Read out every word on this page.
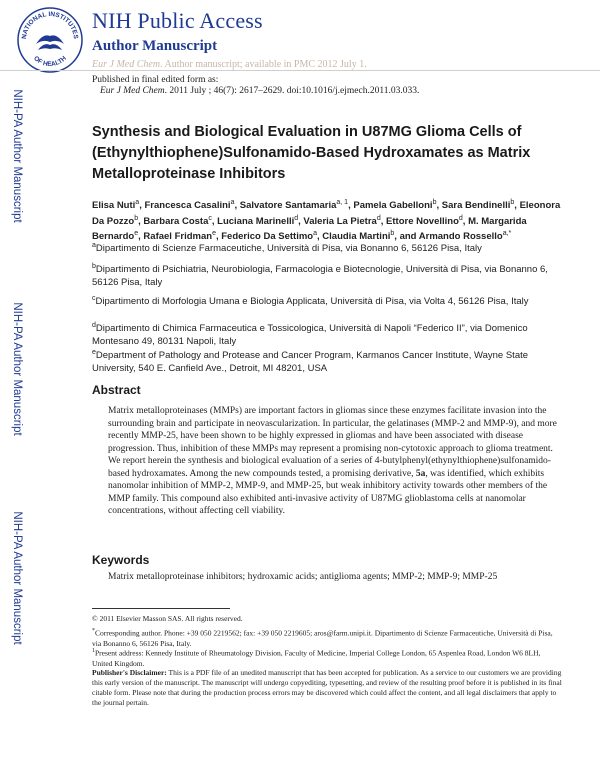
NATIONAL INSTITUTES
OF HEALTH
NIH Public Access
Author Manuscript
Eur J Med Chem. Author manuscript; available in PMC 2012 July 1.
NIH-PA Author Manuscript
NIH-PA Author Manuscript
NIH-PA Author Manuscript
Published in final edited form as:
Eur J Med Chem. 2011 July ; 46(7): 2617–2629. doi:10.1016/j.ejmech.2011.03.033.
Synthesis and Biological Evaluation in U87MG Glioma Cells of (Ethynylthiophene)Sulfonamido-Based Hydroxamates as Matrix Metalloproteinase Inhibitors
Elisa Nuti$^a$, Francesca Casalini$^a$, Salvatore Santamaria$^{a, 1}$, Pamela Gabelloni$^b$, Sara Bendinelli$^b$, Eleonora Da Pozzo$^b$, Barbara Costa$^c$, Luciana Marinelli$^d$, Valeria La Pietra$^d$, Ettore Novellino$^d$, M. Margarida Bernardo$^e$, Rafael Fridman$^e$, Federico Da Settimo$^a$, Claudia Martini$^b$, and Armando Rossello$^{a,*}$
$^a$Dipartimento di Scienze Farmaceutiche, Università di Pisa, via Bonanno 6, 56126 Pisa, Italy
$^b$Dipartimento di Psichiatria, Neurobiologia, Farmacologia e Biotecnologie, Università di Pisa, via Bonanno 6, 56126 Pisa, Italy
$^c$Dipartimento di Morfologia Umana e Biologia Applicata, Università di Pisa, via Volta 4, 56126 Pisa, Italy
$^d$Dipartimento di Chimica Farmaceutica e Tossicologica, Università di Napoli “Federico II”, via Domenico Montesano 49, 80131 Napoli, Italy
$^e$Department of Pathology and Protease and Cancer Program, Karmanos Cancer Institute, Wayne State University, 540 E. Canfield Ave., Detroit, MI 48201, USA
Abstract
Matrix metalloproteinases (MMPs) are important factors in gliomas since these enzymes facilitate invasion into the surrounding brain and participate in neovascularization. In particular, the gelatinases (MMP-2 and MMP-9), and more recently MMP-25, have been shown to be highly expressed in gliomas and have been associated with disease progression. Thus, inhibition of these MMPs may represent a promising non-cytotoxic approach to glioma treatment. We report herein the synthesis and biological evaluation of a series of 4-butylphenyl(ethynylthiophene)sulfonamido-based hydroxamates. Among the new compounds tested, a promising derivative, 5a, was identified, which exhibits nanomolar inhibition of MMP-2, MMP-9, and MMP-25, but weak inhibitory activity towards other members of the MMP family. This compound also exhibited anti-invasive activity of U87MG glioblastoma cells at nanomolar concentrations, without affecting cell viability.
Keywords
Matrix metalloproteinase inhibitors; hydroxamic acids; antiglioma agents; MMP-2; MMP-9; MMP-25
© 2011 Elsevier Masson SAS. All rights reserved.
*Corresponding author. Phone: +39 050 2219562; fax: +39 050 2219605; aros@farm.unipi.it. Dipartimento di Scienze Farmaceutiche, Università di Pisa, via Bonanno 6, 56126 Pisa, Italy.
$^1$Present address: Kennedy Institute of Rheumatology Division, Faculty of Medicine, Imperial College London, 65 Aspenlea Road, London W6 8LH, United Kingdom.
Publisher's Disclaimer: This is a PDF file of an unedited manuscript that has been accepted for publication. As a service to our customers we are providing this early version of the manuscript. The manuscript will undergo copyediting, typesetting, and review of the resulting proof before it is published in its final citable form. Please note that during the production process errors may be discovered which could affect the content, and all legal disclaimers that apply to the journal pertain.
